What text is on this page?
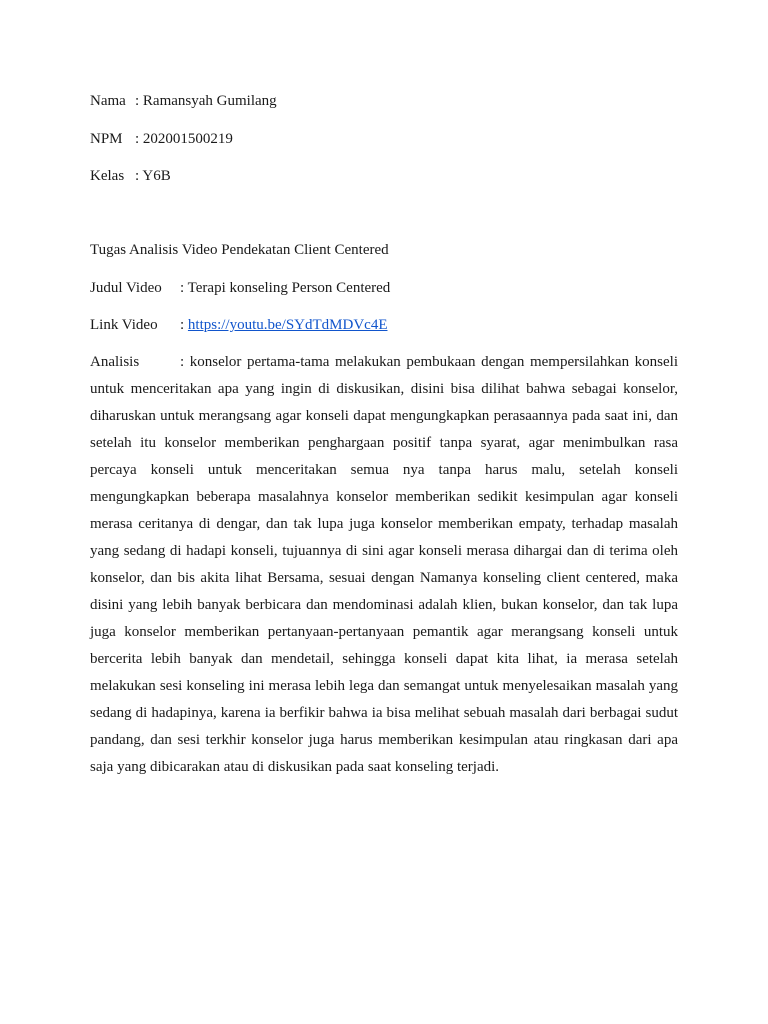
Nama : Ramansyah Gumilang
NPM : 202001500219
Kelas : Y6B
Tugas Analisis Video Pendekatan Client Centered
Judul Video : Terapi konseling Person Centered
Link Video : https://youtu.be/SYdTdMDVc4E

Analisis	: konselor pertama-tama melakukan pembukaan dengan mempersilahkan konseli untuk menceritakan apa yang ingin di diskusikan, disini bisa dilihat bahwa sebagai konselor, diharuskan untuk merangsang agar konseli dapat mengungkapkan perasaannya pada saat ini, dan setelah itu konselor memberikan penghargaan positif tanpa syarat, agar menimbulkan rasa percaya konseli untuk menceritakan semua nya tanpa harus malu, setelah konseli mengungkapkan beberapa masalahnya konselor memberikan sedikit kesimpulan agar konseli merasa ceritanya di dengar, dan tak lupa juga konselor memberikan empaty, terhadap masalah yang sedang di hadapi konseli, tujuannya di sini agar konseli merasa dihargai dan di terima oleh konselor, dan bis akita lihat Bersama, sesuai dengan Namanya konseling client centered, maka disini yang lebih banyak berbicara dan mendominasi adalah klien, bukan konselor, dan tak lupa juga konselor memberikan pertanyaan-pertanyaan pemantik agar merangsang konseli untuk bercerita lebih banyak dan mendetail, sehingga konseli dapat kita lihat, ia merasa setelah melakukan sesi konseling ini merasa lebih lega dan semangat untuk menyelesaikan masalah yang sedang di hadapinya, karena ia berfikir bahwa ia bisa melihat sebuah masalah dari berbagai sudut pandang, dan sesi terkhir konselor juga harus memberikan kesimpulan atau ringkasan dari apa saja yang dibicarakan atau di diskusikan pada saat konseling terjadi.
